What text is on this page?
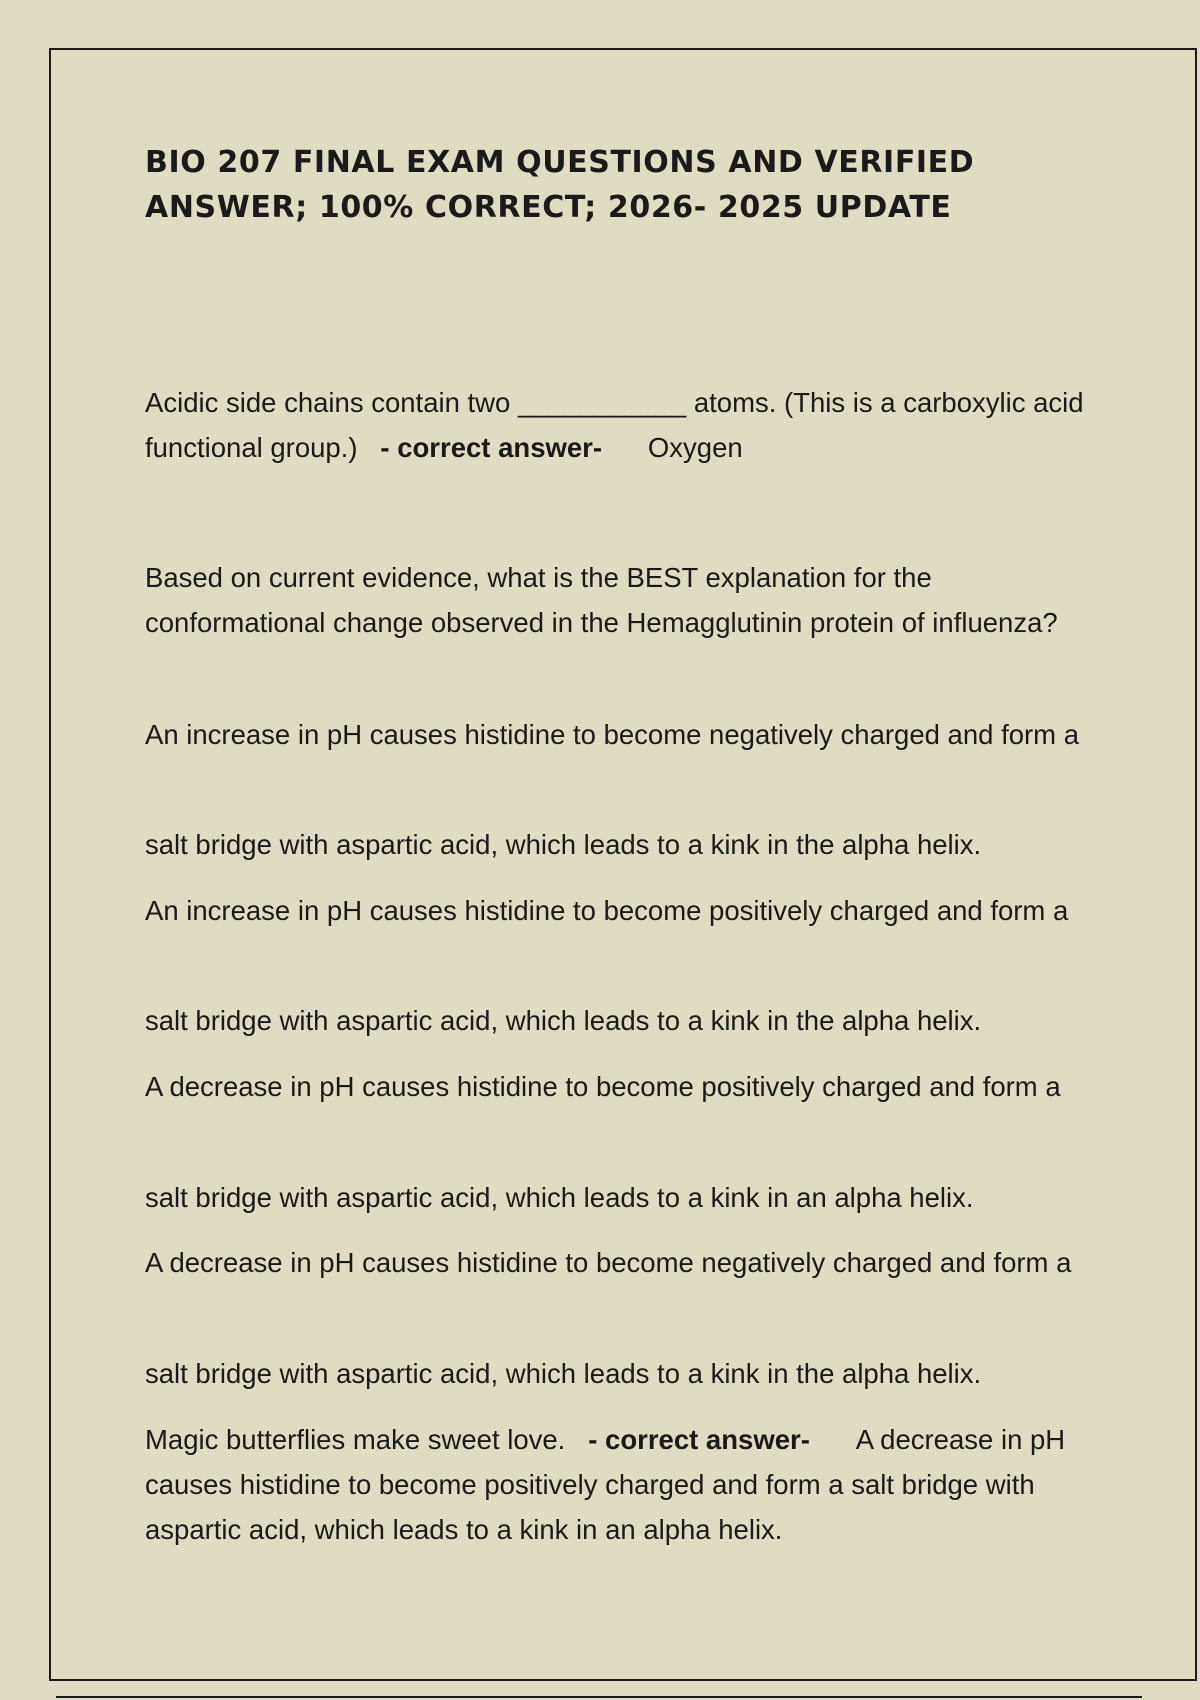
BIO 207 FINAL EXAM QUESTIONS AND VERIFIED ANSWER; 100% CORRECT; 2026- 2025 UPDATE

Acidic side chains contain two ___________ atoms. (This is a carboxylic acid functional group.) - correct answer- Oxygen

Based on current evidence, what is the BEST explanation for the conformational change observed in the Hemagglutinin protein of influenza?

An increase in pH causes histidine to become negatively charged and form a

salt bridge with aspartic acid, which leads to a kink in the alpha helix.

An increase in pH causes histidine to become positively charged and form a

salt bridge with aspartic acid, which leads to a kink in the alpha helix.

A decrease in pH causes histidine to become positively charged and form a

salt bridge with aspartic acid, which leads to a kink in an alpha helix.

A decrease in pH causes histidine to become negatively charged and form a

salt bridge with aspartic acid, which leads to a kink in the alpha helix.

Magic butterflies make sweet love. - correct answer- A decrease in pH causes histidine to become positively charged and form a salt bridge with aspartic acid, which leads to a kink in an alpha helix.
